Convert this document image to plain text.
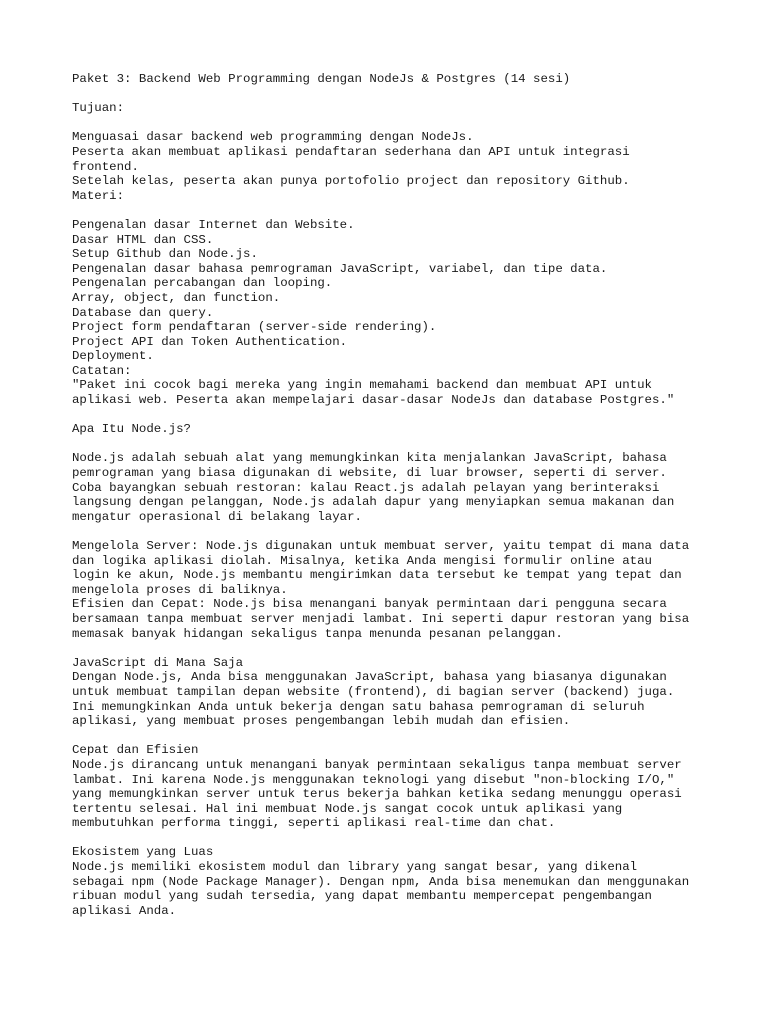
Paket 3: Backend Web Programming dengan NodeJs & Postgres (14 sesi)
Tujuan:
Menguasai dasar backend web programming dengan NodeJs.
Peserta akan membuat aplikasi pendaftaran sederhana dan API untuk integrasi
frontend.
Setelah kelas, peserta akan punya portofolio project dan repository Github.
Materi:
Pengenalan dasar Internet dan Website.
Dasar HTML dan CSS.
Setup Github dan Node.js.
Pengenalan dasar bahasa pemrograman JavaScript, variabel, dan tipe data.
Pengenalan percabangan dan looping.
Array, object, dan function.
Database dan query.
Project form pendaftaran (server-side rendering).
Project API dan Token Authentication.
Deployment.
Catatan:
"Paket ini cocok bagi mereka yang ingin memahami backend dan membuat API untuk
aplikasi web. Peserta akan mempelajari dasar-dasar NodeJs dan database Postgres."
Apa Itu Node.js?
Node.js adalah sebuah alat yang memungkinkan kita menjalankan JavaScript, bahasa
pemrograman yang biasa digunakan di website, di luar browser, seperti di server.
Coba bayangkan sebuah restoran: kalau React.js adalah pelayan yang berinteraksi
langsung dengan pelanggan, Node.js adalah dapur yang menyiapkan semua makanan dan
mengatur operasional di belakang layar.
Mengelola Server: Node.js digunakan untuk membuat server, yaitu tempat di mana data
dan logika aplikasi diolah. Misalnya, ketika Anda mengisi formulir online atau
login ke akun, Node.js membantu mengirimkan data tersebut ke tempat yang tepat dan
mengelola proses di baliknya.
Efisien dan Cepat: Node.js bisa menangani banyak permintaan dari pengguna secara
bersamaan tanpa membuat server menjadi lambat. Ini seperti dapur restoran yang bisa
memasak banyak hidangan sekaligus tanpa menunda pesanan pelanggan.
JavaScript di Mana Saja
Dengan Node.js, Anda bisa menggunakan JavaScript, bahasa yang biasanya digunakan
untuk membuat tampilan depan website (frontend), di bagian server (backend) juga.
Ini memungkinkan Anda untuk bekerja dengan satu bahasa pemrograman di seluruh
aplikasi, yang membuat proses pengembangan lebih mudah dan efisien.
Cepat dan Efisien
Node.js dirancang untuk menangani banyak permintaan sekaligus tanpa membuat server
lambat. Ini karena Node.js menggunakan teknologi yang disebut "non-blocking I/O,"
yang memungkinkan server untuk terus bekerja bahkan ketika sedang menunggu operasi
tertentu selesai. Hal ini membuat Node.js sangat cocok untuk aplikasi yang
membutuhkan performa tinggi, seperti aplikasi real-time dan chat.
Ekosistem yang Luas
Node.js memiliki ekosistem modul dan library yang sangat besar, yang dikenal
sebagai npm (Node Package Manager). Dengan npm, Anda bisa menemukan dan menggunakan
ribuan modul yang sudah tersedia, yang dapat membantu mempercepat pengembangan
aplikasi Anda.
